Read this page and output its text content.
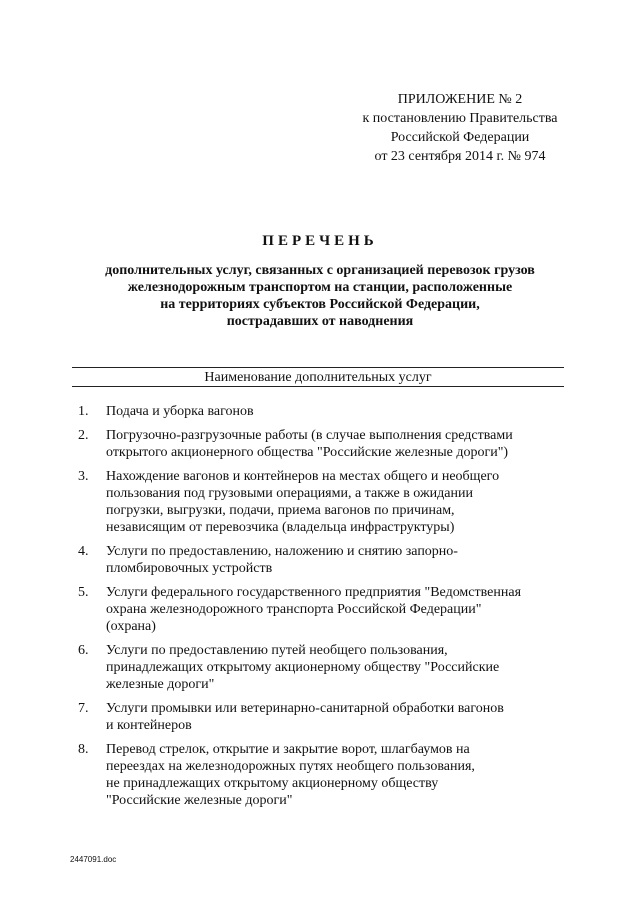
ПРИЛОЖЕНИЕ № 2
к постановлению Правительства
Российской Федерации
от 23 сентября 2014 г. № 974
ПЕРЕЧЕНЬ
дополнительных услуг, связанных с организацией перевозок грузов
железнодорожным транспортом на станции, расположенные
на территориях субъектов Российской Федерации,
пострадавших от наводнения
Наименование дополнительных услуг
1.	Подача и уборка вагонов
2.	Погрузочно-разгрузочные работы (в случае выполнения средствами
открытого акционерного общества "Российские железные дороги")
3.	Нахождение вагонов и контейнеров на местах общего и необщего
пользования под грузовыми операциями, а также в ожидании
погрузки, выгрузки, подачи, приема вагонов по причинам,
независящим от перевозчика (владельца инфраструктуры)
4.	Услуги по предоставлению, наложению и снятию запорно-
пломбировочных устройств
5.	Услуги федерального государственного предприятия "Ведомственная
охрана железнодорожного транспорта Российской Федерации"
(охрана)
6.	Услуги по предоставлению путей необщего пользования,
принадлежащих открытому акционерному обществу "Российские
железные дороги"
7.	Услуги промывки или ветеринарно-санитарной обработки вагонов
и контейнеров
8.	Перевод стрелок, открытие и закрытие ворот, шлагбаумов на
переездах на железнодорожных путях необщего пользования,
не принадлежащих открытому акционерному обществу
"Российские железные дороги"
2447091.doc
